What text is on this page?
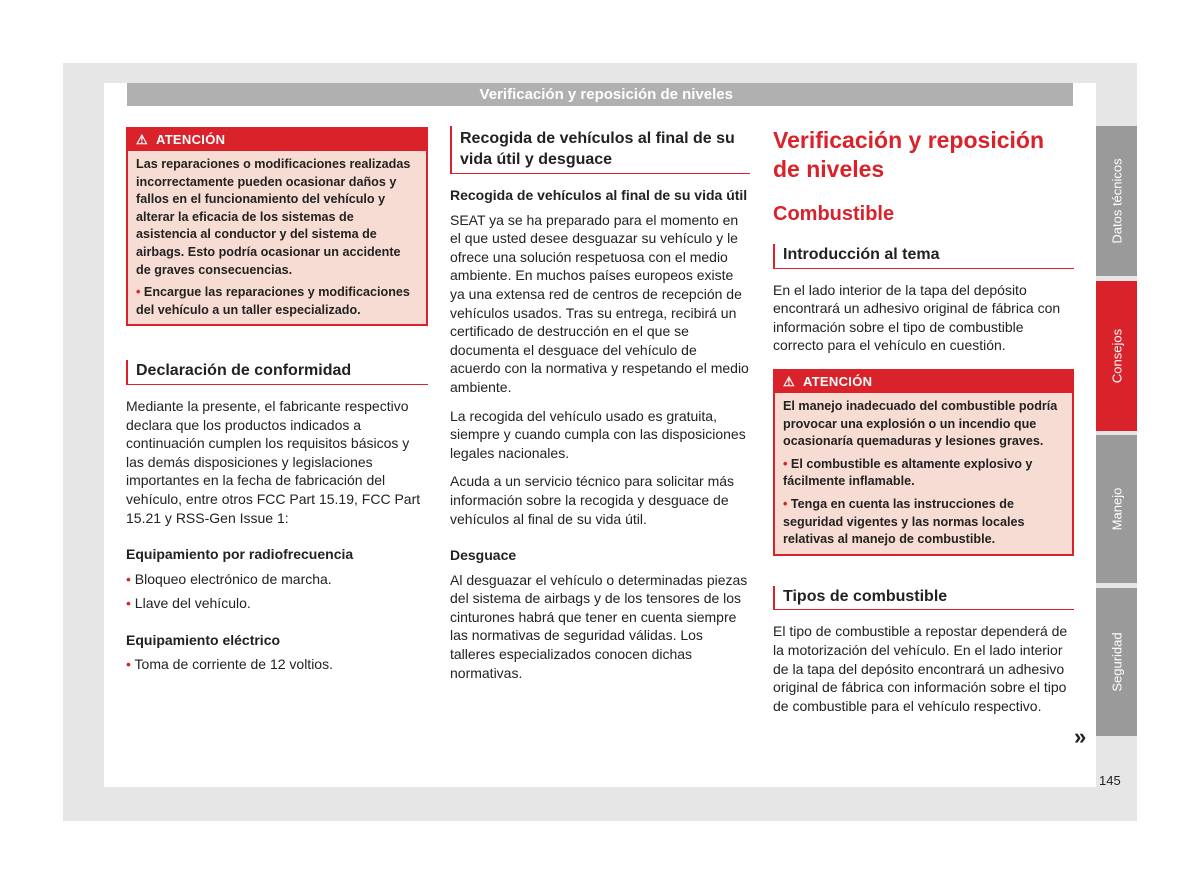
Verificación y reposición de niveles
⚠ ATENCIÓN

Las reparaciones o modificaciones realizadas incorrectamente pueden ocasionar daños y fallos en el funcionamiento del vehículo y alterar la eficacia de los sistemas de asistencia al conductor y del sistema de airbags. Esto podría ocasionar un accidente de graves consecuencias.

• Encargue las reparaciones y modificaciones del vehículo a un taller especializado.

Declaración de conformidad

Mediante la presente, el fabricante respectivo declara que los productos indicados a continuación cumplen los requisitos básicos y las demás disposiciones y legislaciones importantes en la fecha de fabricación del vehículo, entre otros FCC Part 15.19, FCC Part 15.21 y RSS-Gen Issue 1:

Equipamiento por radiofrecuencia
• Bloqueo electrónico de marcha.
• Llave del vehículo.
Equipamiento eléctrico
• Toma de corriente de 12 voltios.
Recogida de vehículos al final de su vida útil y desguace
Recogida de vehículos al final de su vida útil

SEAT ya se ha preparado para el momento en el que usted desee desguazar su vehículo y le ofrece una solución respetuosa con el medio ambiente. En muchos países europeos existe ya una extensa red de centros de recepción de vehículos usados. Tras su entrega, recibirá un certificado de destrucción en el que se documenta el desguace del vehículo de acuerdo con la normativa y respetando el medio ambiente.

La recogida del vehículo usado es gratuita, siempre y cuando cumpla con las disposiciones legales nacionales.

Acuda a un servicio técnico para solicitar más información sobre la recogida y desguace de vehículos al final de su vida útil.

Desguace

Al desguazar el vehículo o determinadas piezas del sistema de airbags y de los tensores de los cinturones habrá que tener en cuenta siempre las normativas de seguridad válidas. Los talleres especializados conocen dichas normativas.

Verificación y reposición de niveles
Combustible
Introducción al tema

En el lado interior de la tapa del depósito encontrará un adhesivo original de fábrica con información sobre el tipo de combustible correcto para el vehículo en cuestión.

⚠ ATENCIÓN

El manejo inadecuado del combustible podría provocar una explosión o un incendio que ocasionaría quemaduras y lesiones graves.

• El combustible es altamente explosivo y fácilmente inflamable.

• Tenga en cuenta las instrucciones de seguridad vigentes y las normas locales relativas al manejo de combustible.

Tipos de combustible

El tipo de combustible a repostar dependerá de la motorización del vehículo. En el lado interior de la tapa del depósito encontrará un adhesivo original de fábrica con información sobre el tipo de combustible para el vehículo respectivo.

»
Datos técnicos
Consejos
Manejo
Seguridad
145
